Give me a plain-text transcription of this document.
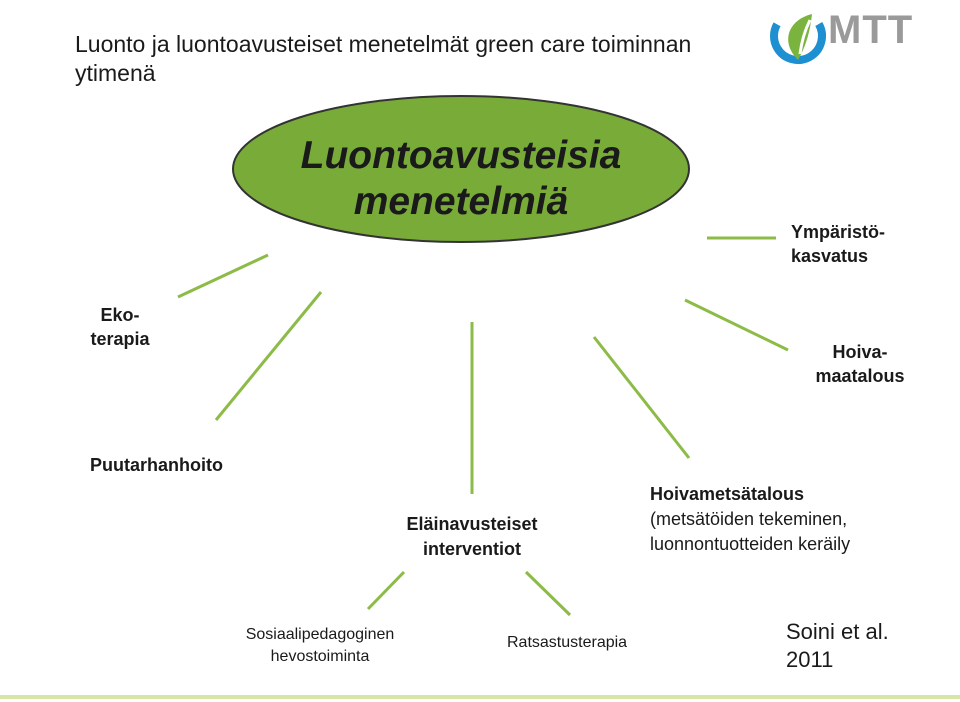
Luonto ja luontoavusteiset menetelmät green care toiminnan ytimenä
MTT
Luontoavusteisia
menetelmiä
Ympäristö-
kasvatus
Eko-
terapia
Hoiva-
maatalous
Puutarhanhoito
Eläinavusteiset
interventiot
Hoivametsätalous
(metsätöiden tekeminen,
luonnontuotteiden keräily
Sosiaalipedagoginen
hevostoiminta
Ratsastusterapia	Soini et al.
2011
